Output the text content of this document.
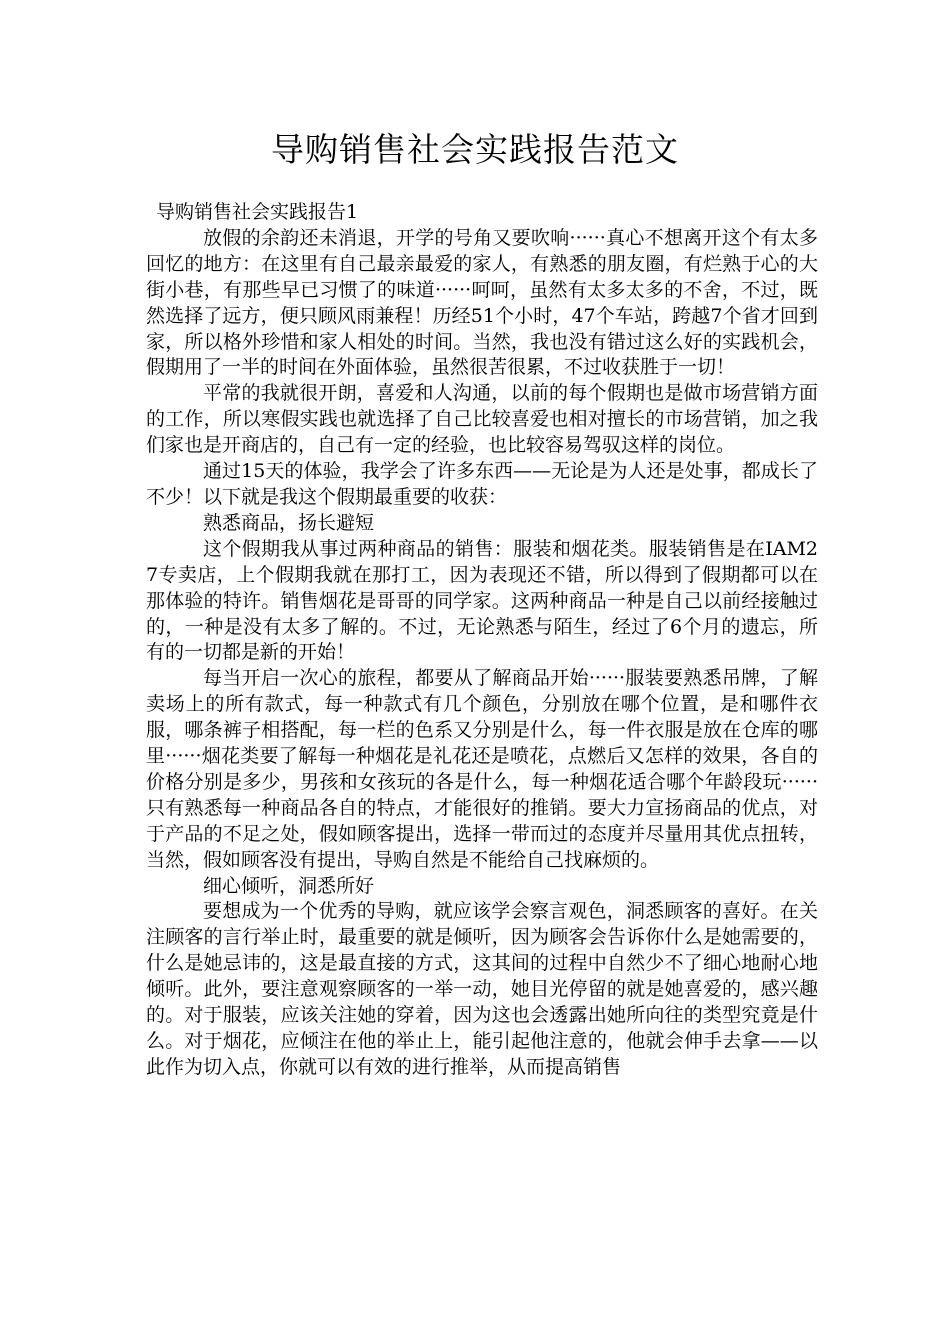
导购销售社会实践报告范文

导购销售社会实践报告1

放假的余韵还未消退，开学的号角又要吹响······真心不想离开这个有太多回忆的地方：在这里有自己最亲最爱的家人，有熟悉的朋友圈，有烂熟于心的大街小巷，有那些早已习惯了的味道······呵呵，虽然有太多太多的不舍，不过，既然选择了远方，便只顾风雨兼程！历经51个小时，47个车站，跨越7个省才回到家，所以格外珍惜和家人相处的时间。当然，我也没有错过这么好的实践机会，假期用了一半的时间在外面体验，虽然很苦很累，不过收获胜于一切！

平常的我就很开朗，喜爱和人沟通，以前的每个假期也是做市场营销方面的工作，所以寒假实践也就选择了自己比较喜爱也相对擅长的市场营销，加之我们家也是开商店的，自己有一定的经验，也比较容易驾驭这样的岗位。

通过15天的体验，我学会了许多东西——无论是为人还是处事，都成长了不少！以下就是我这个假期最重要的收获：

熟悉商品，扬长避短

这个假期我从事过两种商品的销售：服装和烟花类。服装销售是在IAM27专卖店，上个假期我就在那打工，因为表现还不错，所以得到了假期都可以在那体验的特许。销售烟花是哥哥的同学家。这两种商品一种是自己以前经接触过的，一种是没有太多了解的。不过，无论熟悉与陌生，经过了6个月的遗忘，所有的一切都是新的开始！

每当开启一次心的旅程，都要从了解商品开始······服装要熟悉吊牌，了解卖场上的所有款式，每一种款式有几个颜色，分别放在哪个位置，是和哪件衣服，哪条裤子相搭配，每一栏的色系又分别是什么，每一件衣服是放在仓库的哪里······烟花类要了解每一种烟花是礼花还是喷花，点燃后又怎样的效果，各自的价格分别是多少，男孩和女孩玩的各是什么，每一种烟花适合哪个年龄段玩······只有熟悉每一种商品各自的特点，才能很好的推销。要大力宣扬商品的优点，对于产品的不足之处，假如顾客提出，选择一带而过的态度并尽量用其优点扭转，当然，假如顾客没有提出，导购自然是不能给自己找麻烦的。

细心倾听，洞悉所好

要想成为一个优秀的导购，就应该学会察言观色，洞悉顾客的喜好。在关注顾客的言行举止时，最重要的就是倾听，因为顾客会告诉你什么是她需要的，什么是她忌讳的，这是最直接的方式，这其间的过程中自然少不了细心地耐心地倾听。此外，要注意观察顾客的一举一动，她目光停留的就是她喜爱的，感兴趣的。对于服装，应该关注她的穿着，因为这也会透露出她所向往的类型究竟是什么。对于烟花，应倾注在他的举止上，能引起他注意的，他就会伸手去拿——以此作为切入点，你就可以有效的进行推举，从而提高销售
